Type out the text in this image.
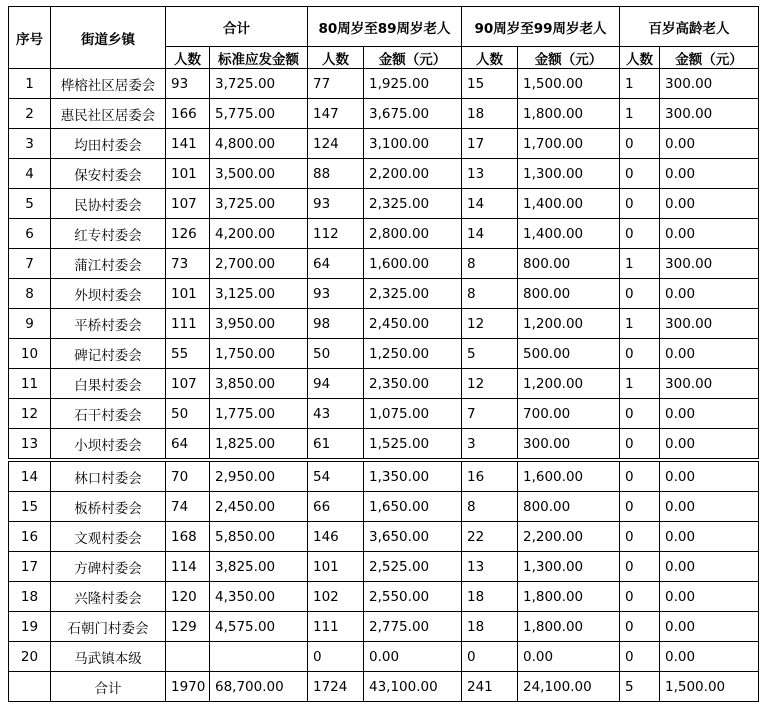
序号	街道乡镇	合计		80周岁至89周岁老人		90周岁至99周岁老人		百岁高龄老人	
		人数	标准应发金额	人数	金额（元）	人数	金额（元）	人数	金额（元）
1	桦榕社区居委会	93	3,725.00	77	1,925.00	15	1,500.00	1	300.00
2	惠民社区居委会	166	5,775.00	147	3,675.00	18	1,800.00	1	300.00
3	均田村委会	141	4,800.00	124	3,100.00	17	1,700.00	0	0.00
4	保安村委会	101	3,500.00	88	2,200.00	13	1,300.00	0	0.00
5	民协村委会	107	3,725.00	93	2,325.00	14	1,400.00	0	0.00
6	红专村委会	126	4,200.00	112	2,800.00	14	1,400.00	0	0.00
7	蒲江村委会	73	2,700.00	64	1,600.00	8	800.00	1	300.00
8	外坝村委会	101	3,125.00	93	2,325.00	8	800.00	0	0.00
9	平桥村委会	111	3,950.00	98	2,450.00	12	1,200.00	1	300.00
10	碑记村委会	55	1,750.00	50	1,250.00	5	500.00	0	0.00
11	白果村委会	107	3,850.00	94	2,350.00	12	1,200.00	1	300.00
12	石干村委会	50	1,775.00	43	1,075.00	7	700.00	0	0.00
13	小坝村委会	64	1,825.00	61	1,525.00	3	300.00	0	0.00
14	林口村委会	70	2,950.00	54	1,350.00	16	1,600.00	0	0.00
15	板桥村委会	74	2,450.00	66	1,650.00	8	800.00	0	0.00
16	文观村委会	168	5,850.00	146	3,650.00	22	2,200.00	0	0.00
17	方碑村委会	114	3,825.00	101	2,525.00	13	1,300.00	0	0.00
18	兴隆村委会	120	4,350.00	102	2,550.00	18	1,800.00	0	0.00
19	石朝门村委会	129	4,575.00	111	2,775.00	18	1,800.00	0	0.00
20	马武镇本级			0	0.00	0	0.00	0	0.00
	合计	1970	68,700.00	1724	43,100.00	241	24,100.00	5	1,500.00
